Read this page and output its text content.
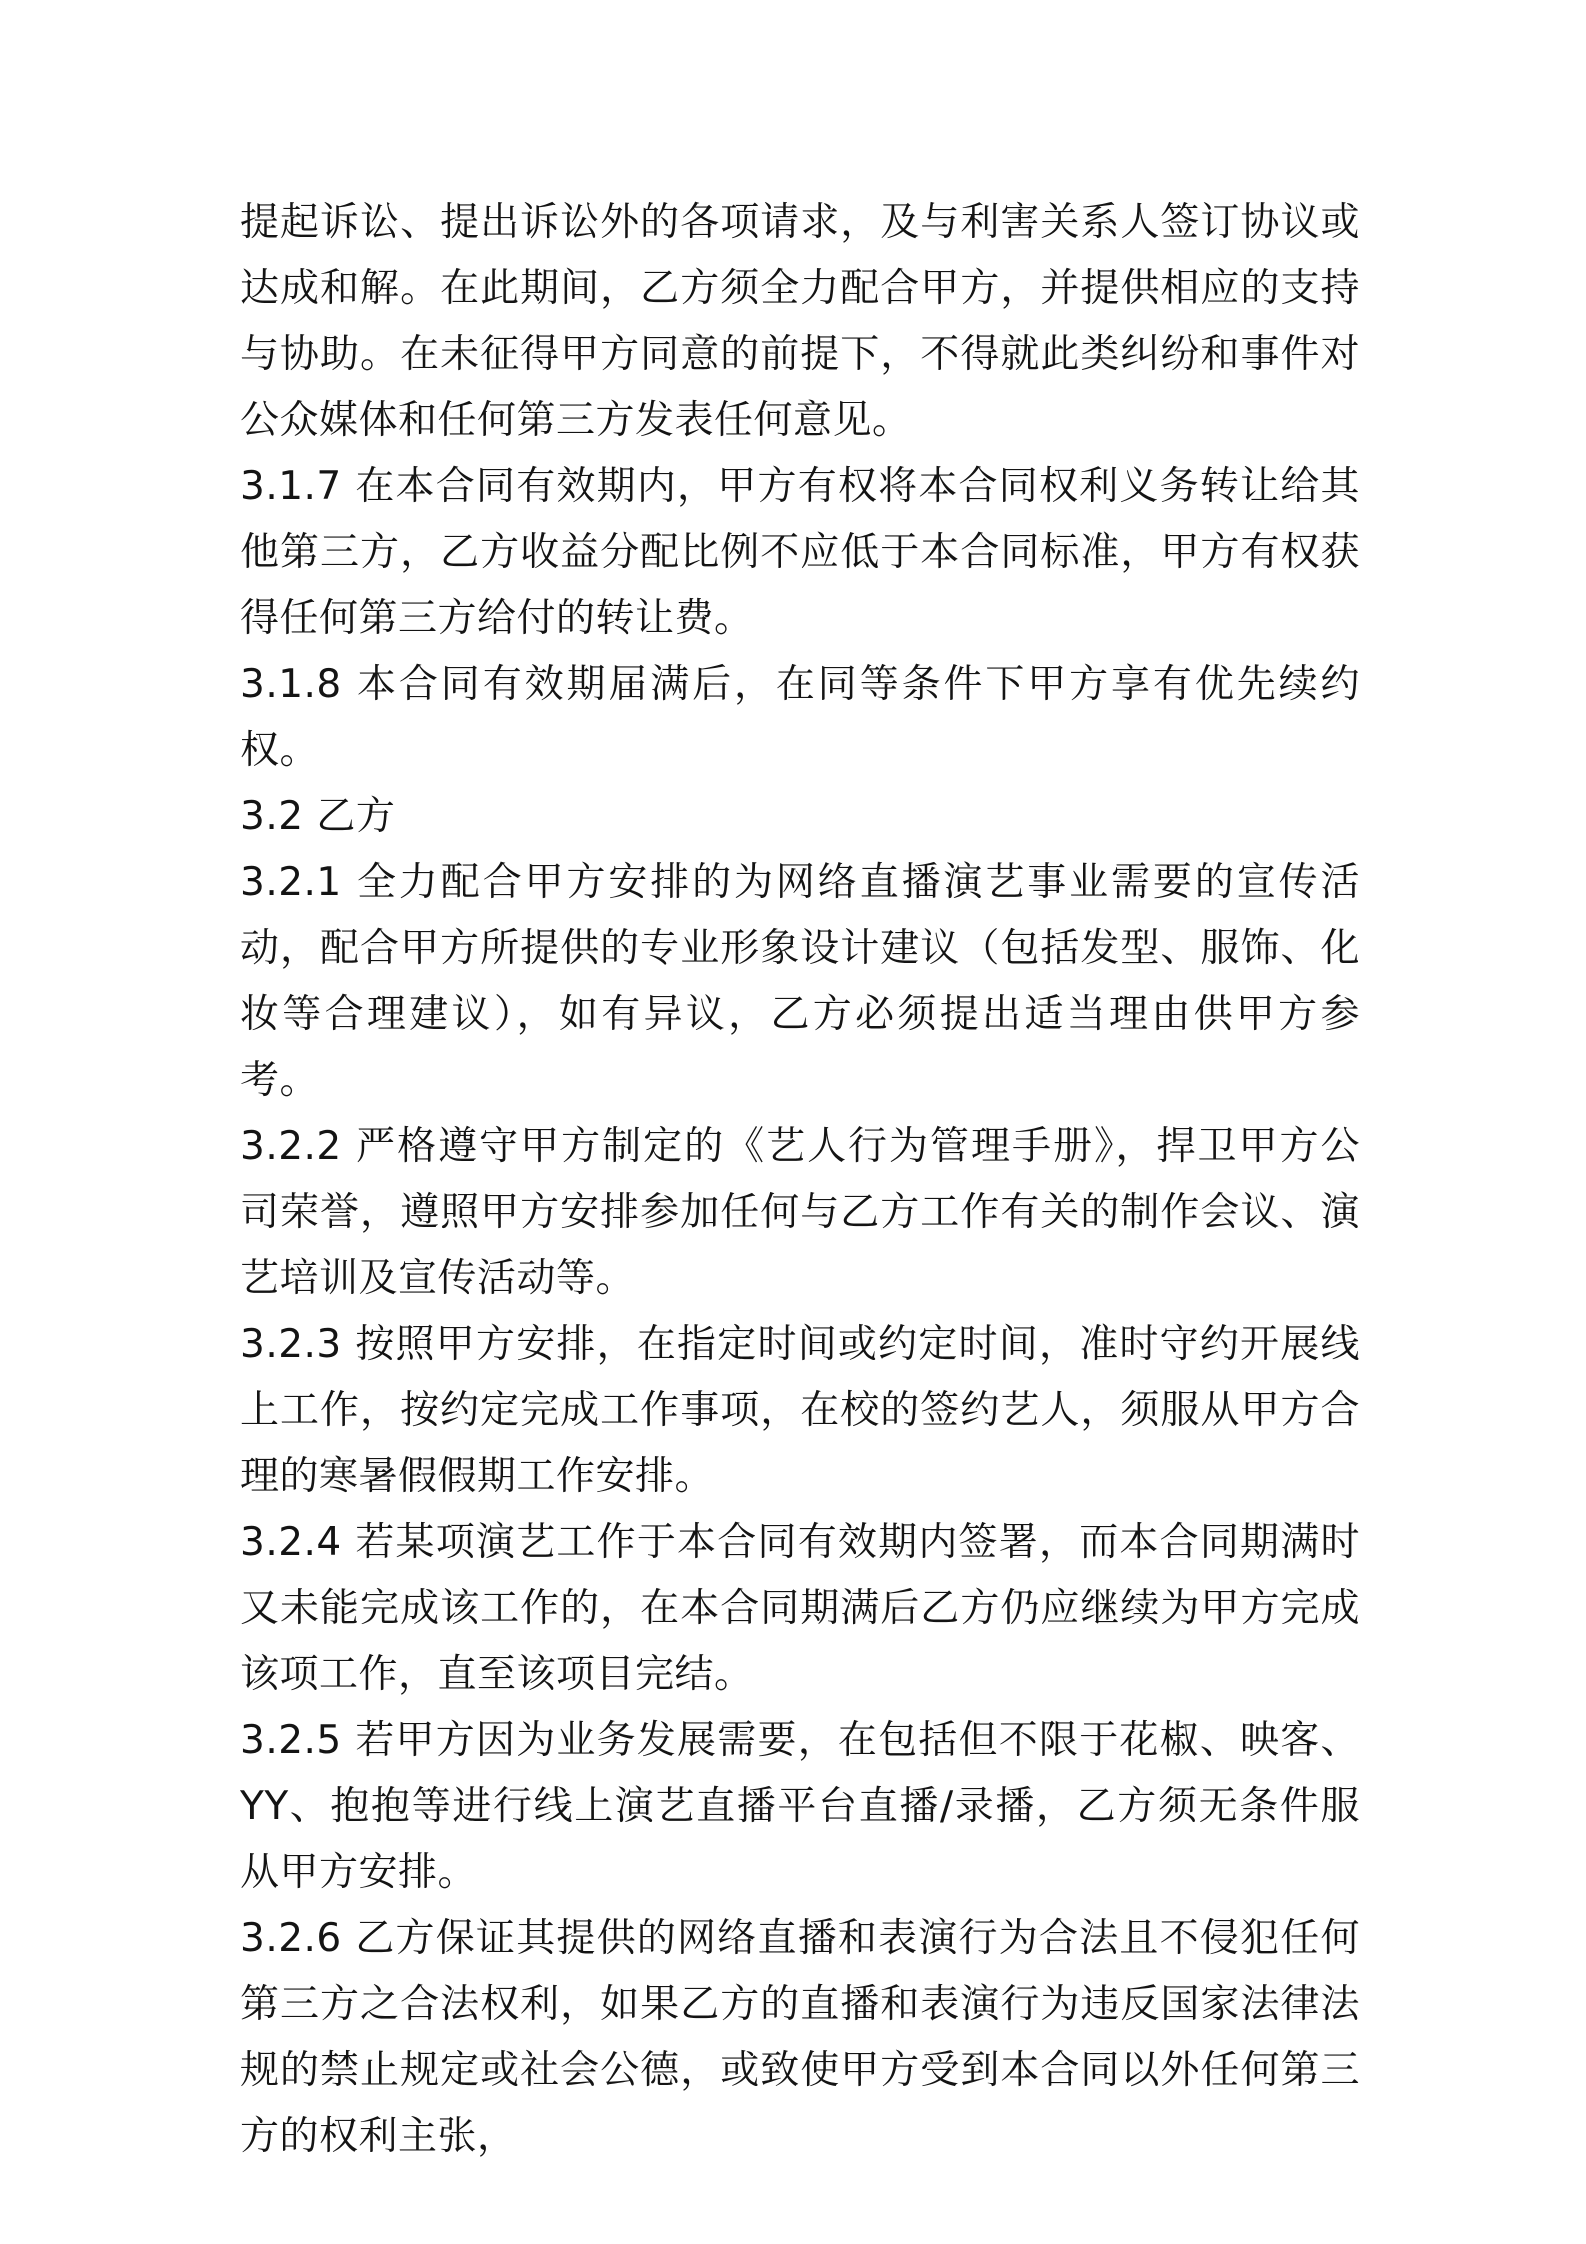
提起诉讼、提出诉讼外的各项请求，及与利害关系人签订协议或达成和解。在此期间，乙方须全力配合甲方，并提供相应的支持与协助。在未征得甲方同意的前提下，不得就此类纠纷和事件对公众媒体和任何第三方发表任何意见。

3.1.7 在本合同有效期内，甲方有权将本合同权利义务转让给其他第三方，乙方收益分配比例不应低于本合同标准，甲方有权获得任何第三方给付的转让费。

3.1.8 本合同有效期届满后，在同等条件下甲方享有优先续约权。

3.2 乙方

3.2.1 全力配合甲方安排的为网络直播演艺事业需要的宣传活动，配合甲方所提供的专业形象设计建议（包括发型、服饰、化妆等合理建议），如有异议，乙方必须提出适当理由供甲方参考。

3.2.2 严格遵守甲方制定的《艺人行为管理手册》，捍卫甲方公司荣誉，遵照甲方安排参加任何与乙方工作有关的制作会议、演艺培训及宣传活动等。

3.2.3 按照甲方安排，在指定时间或约定时间，准时守约开展线上工作，按约定完成工作事项，在校的签约艺人，须服从甲方合理的寒暑假假期工作安排。

3.2.4 若某项演艺工作于本合同有效期内签署，而本合同期满时又未能完成该工作的，在本合同期满后乙方仍应继续为甲方完成该项工作，直至该项目完结。

3.2.5 若甲方因为业务发展需要，在包括但不限于花椒、映客、YY、抱抱等进行线上演艺直播平台直播/录播，乙方须无条件服从甲方安排。

3.2.6 乙方保证其提供的网络直播和表演行为合法且不侵犯任何第三方之合法权利，如果乙方的直播和表演行为违反国家法律法规的禁止规定或社会公德，或致使甲方受到本合同以外任何第三方的权利主张，
